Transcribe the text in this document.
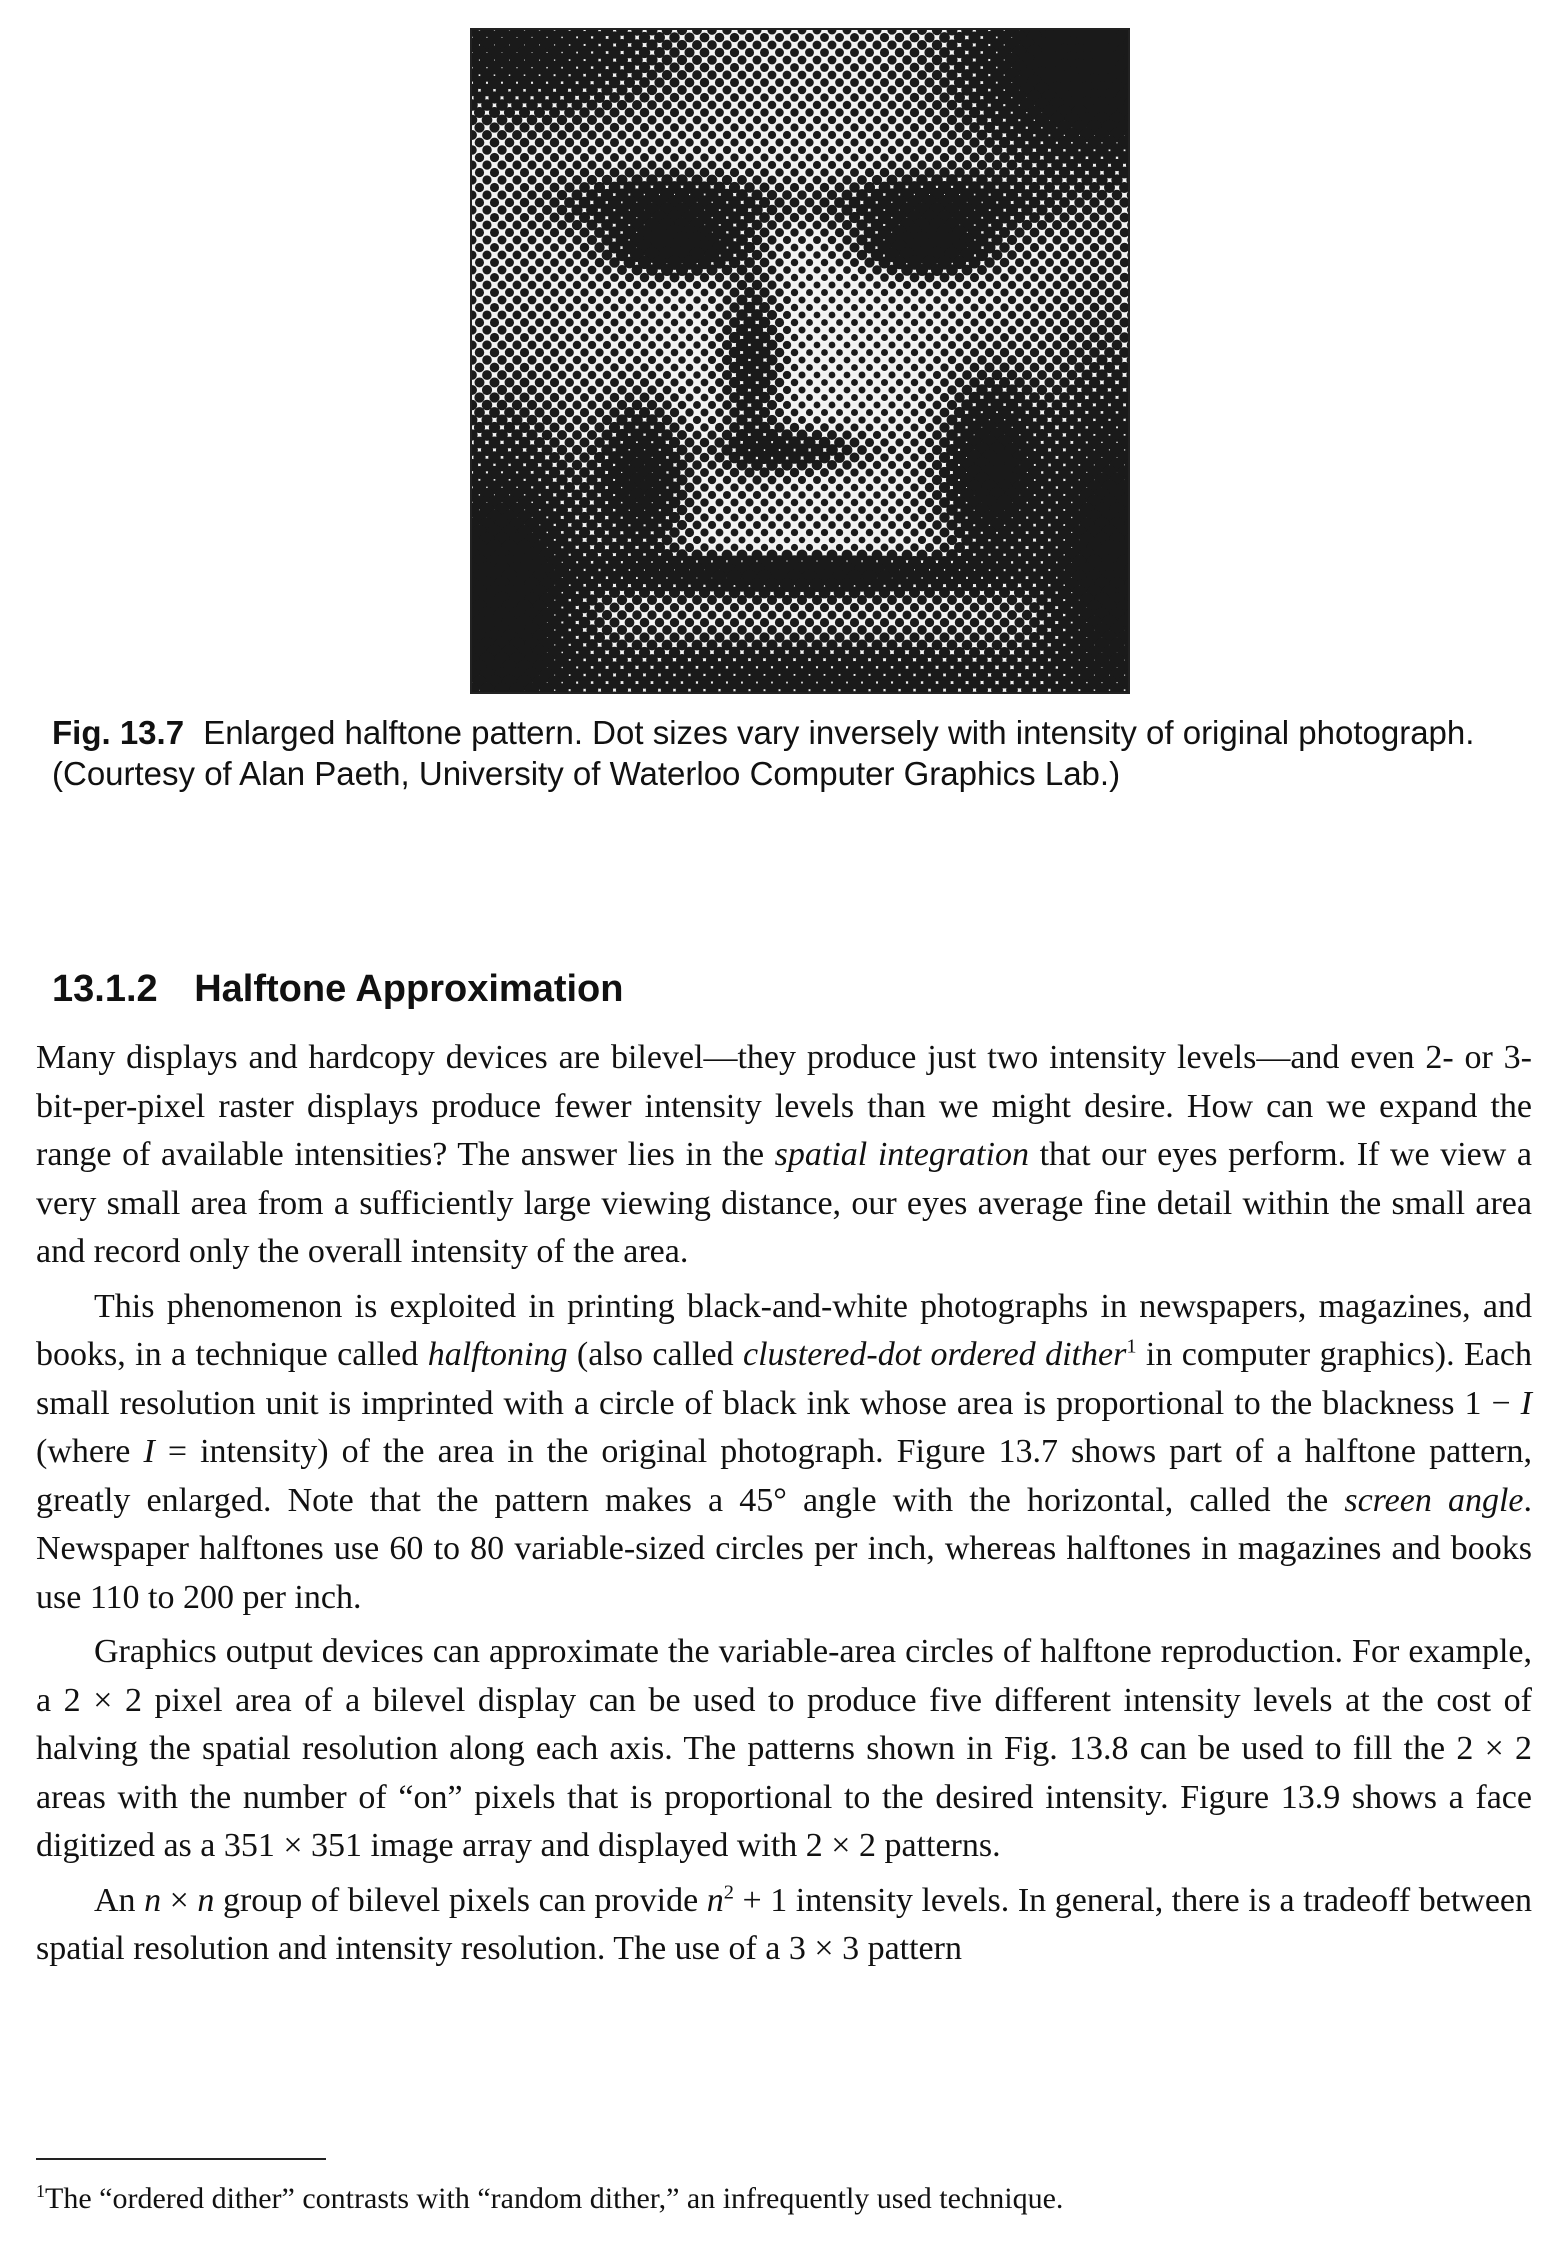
Fig. 13.7 Enlarged halftone pattern. Dot sizes vary inversely with intensity of original photograph. (Courtesy of Alan Paeth, University of Waterloo Computer Graphics Lab.)
13.1.2 Halftone Approximation

Many displays and hardcopy devices are bilevel—they produce just two intensity levels—and even 2- or 3-bit-per-pixel raster displays produce fewer intensity levels than we might desire. How can we expand the range of available intensities? The answer lies in the spatial integration that our eyes perform. If we view a very small area from a sufficiently large viewing distance, our eyes average fine detail within the small area and record only the overall intensity of the area.

This phenomenon is exploited in printing black-and-white photographs in newspapers, magazines, and books, in a technique called halftoning (also called clustered-dot ordered dither$^1$ in computer graphics). Each small resolution unit is imprinted with a circle of black ink whose area is proportional to the blackness 1 − I (where I = intensity) of the area in the original photograph. Figure 13.7 shows part of a halftone pattern, greatly enlarged. Note that the pattern makes a 45° angle with the horizontal, called the screen angle. Newspaper halftones use 60 to 80 variable-sized circles per inch, whereas halftones in magazines and books use 110 to 200 per inch.

Graphics output devices can approximate the variable-area circles of halftone reproduction. For example, a 2 × 2 pixel area of a bilevel display can be used to produce five different intensity levels at the cost of halving the spatial resolution along each axis. The patterns shown in Fig. 13.8 can be used to fill the 2 × 2 areas with the number of “on” pixels that is proportional to the desired intensity. Figure 13.9 shows a face digitized as a 351 × 351 image array and displayed with 2 × 2 patterns.

An n × n group of bilevel pixels can provide $n^2 + 1$ intensity levels. In general, there is a tradeoff between spatial resolution and intensity resolution. The use of a 3 × 3 pattern

$^1$The “ordered dither” contrasts with “random dither,” an infrequently used technique.
